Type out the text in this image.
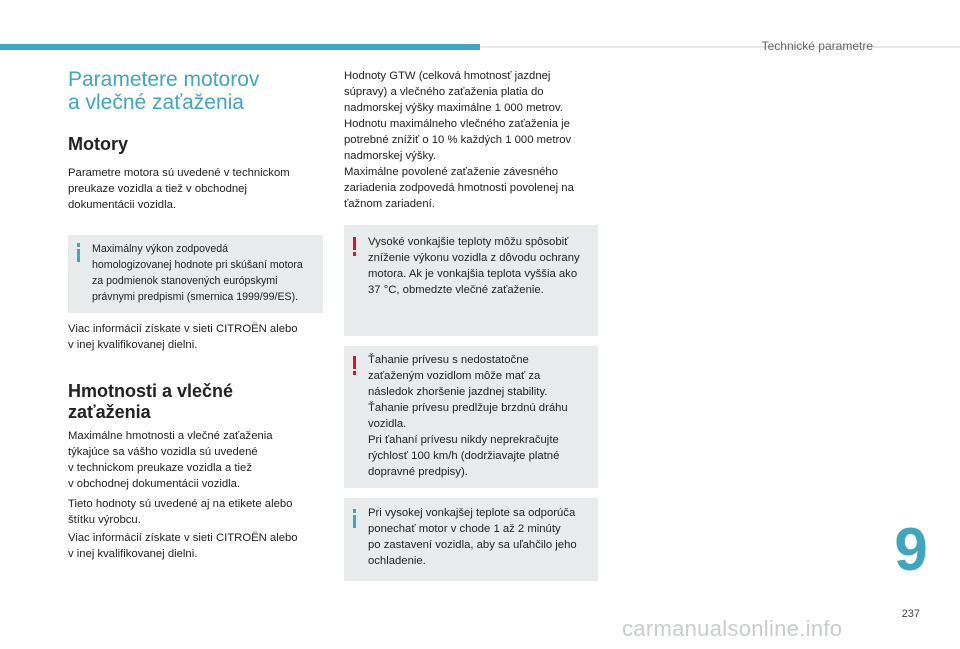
Technické parametre
Parametere motorov
a vlečné zaťaženia
Motory

Parametre motora sú uvedené v technickom
preukaze vozidla a tiež v obchodnej
dokumentácii vozidla.

Maximálny výkon zodpovedá
homologizovanej hodnote pri skúšaní motora
za podmienok stanovených európskymi
právnymi predpismi (smernica 1999/99/ES).

Viac informácií získate v sieti CITROËN alebo
v inej kvalifikovanej dielni.

Hmotnosti a vlečné
zaťaženia

Maximálne hmotnosti a vlečné zaťaženia
týkajúce sa vášho vozidla sú uvedené
v technickom preukaze vozidla a tiež
v obchodnej dokumentácii vozidla.

Tieto hodnoty sú uvedené aj na etikete alebo
štítku výrobcu.

Viac informácií získate v sieti CITROËN alebo
v inej kvalifikovanej dielni.

Hodnoty GTW (celková hmotnosť jazdnej
súpravy) a vlečného zaťaženia platia do
nadmorskej výšky maximálne 1 000 metrov.
Hodnotu maximálneho vlečného zaťaženia je
potrebné znížiť o 10 % každých 1 000 metrov
nadmorskej výšky.
Maximálne povolené zaťaženie závesného
zariadenia zodpovedá hmotnosti povolenej na
ťažnom zariadení.

Vysoké vonkajšie teploty môžu spôsobiť
zníženie výkonu vozidla z dôvodu ochrany
motora. Ak je vonkajšia teplota vyššia ako
37 °C, obmedzte vlečné zaťaženie.
Ťahanie prívesu s nedostatočne
zaťaženým vozidlom môže mať za
následok zhoršenie jazdnej stability.
Ťahanie prívesu predlžuje brzdnú dráhu
vozidla.
Pri ťahaní prívesu nikdy neprekračujte
rýchlosť 100 km/h (dodržiavajte platné
dopravné predpisy).
Pri vysokej vonkajšej teplote sa odporúča
ponechať motor v chode 1 až 2 minúty
po zastavení vozidla, aby sa uľahčilo jeho
ochladenie.	9
237
carmanualsonline.info
